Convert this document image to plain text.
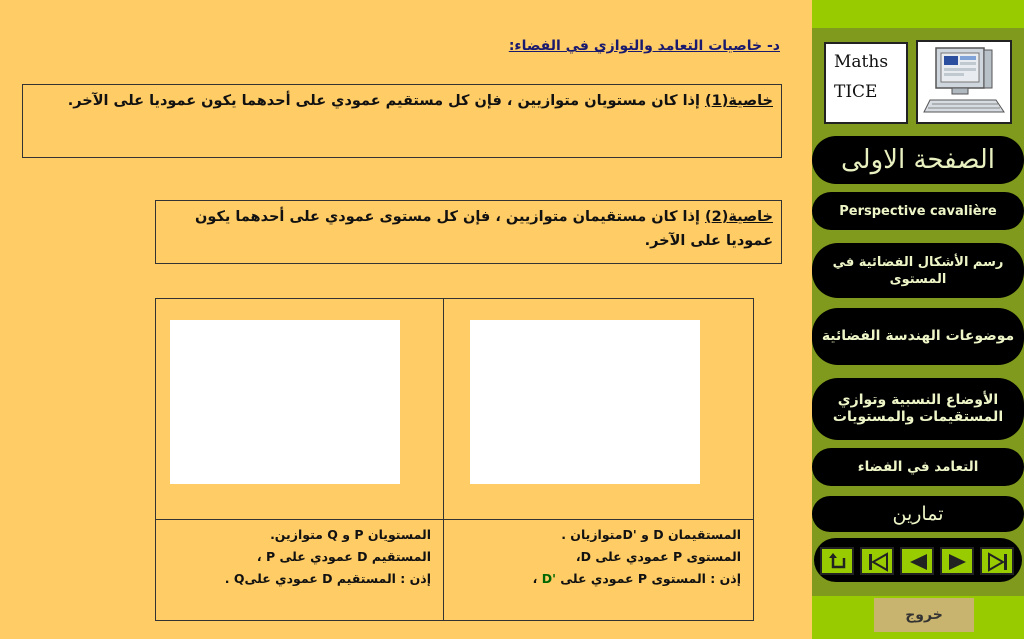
د- خاصيات التعامد والتوازي في الفضاء:
خاصية(1) إذا كان مستويان متوازيين ، فإن كل مستقيم عمودي على أحدهما يكون عموديا على الآخر.
خاصية(2) إذا كان مستقيمان متوازيين ، فإن كل مستوى عمودي على أحدهما يكون عموديا على الآخر.
المستويان P و Q متوازين.
المستقيم D عمودي على P ،
إذن : المستقيم D عمودي علىQ .
المستقيمان D و 'Dمتوازيان .
المستوى P عمودي على D،
إذن : المستوى P عمودي على 'D ،
Maths
TICE
الصفحة الاولى
Perspective cavalière
رسم الأشكال الفضائية في المستوى
موضوعات الهندسة الفضائية
الأوضاع النسبية وتوازي المستقيمات والمستويات
التعامد في الفضاء
تمارين
خروج
